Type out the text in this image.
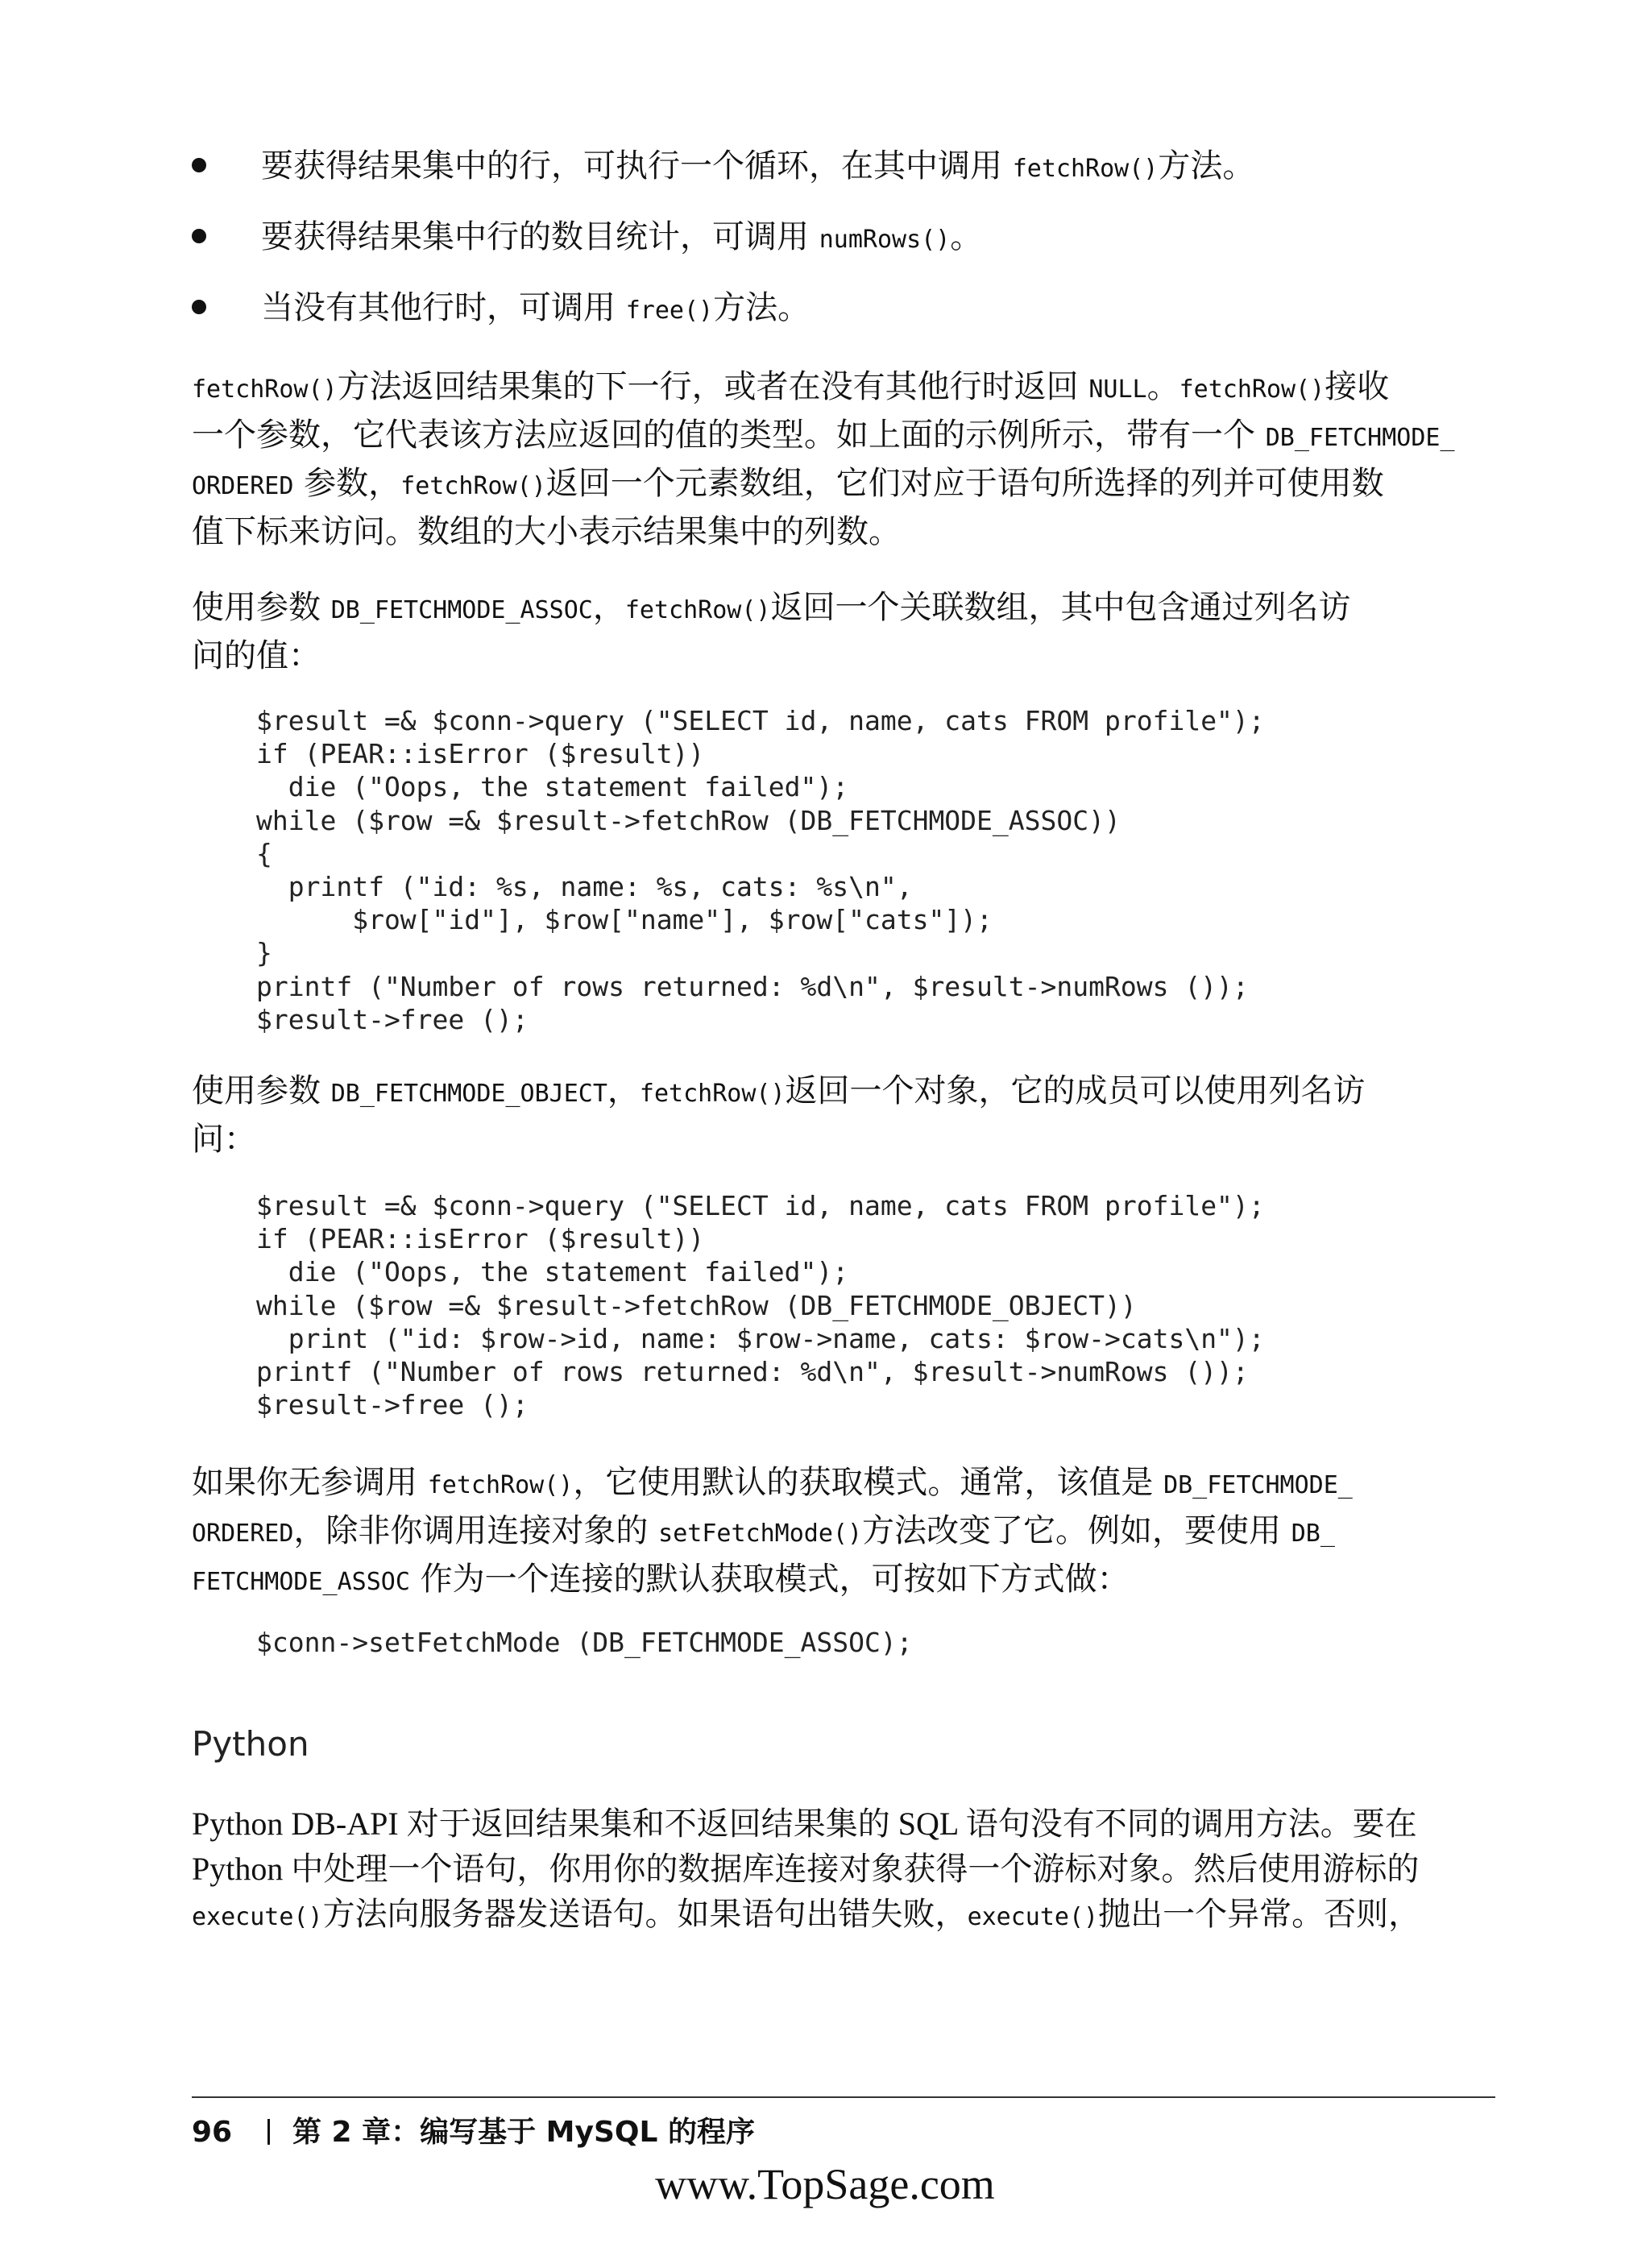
要获得结果集中的行，可执行一个循环，在其中调用 fetchRow()方法。
要获得结果集中行的数目统计，可调用 numRows()。
当没有其他行时，可调用 free()方法。

fetchRow()方法返回结果集的下一行，或者在没有其他行时返回 NULL。fetchRow()接收

一个参数，它代表该方法应返回的值的类型。如上面的示例所示，带有一个 DB_FETCHMODE_

ORDERED 参数，fetchRow()返回一个元素数组，它们对应于语句所选择的列并可使用数

值下标来访问。数组的大小表示结果集中的列数。

使用参数 DB_FETCHMODE_ASSOC，fetchRow()返回一个关联数组，其中包含通过列名访

问的值：

$result =& $conn->query ("SELECT id, name, cats FROM profile");
if (PEAR::isError ($result))
die ("Oops, the statement failed");
while ($row =& $result->fetchRow (DB_FETCHMODE_ASSOC))
{
printf ("id: %s, name: %s, cats: %s\n",
$row["id"], $row["name"], $row["cats"]);
}
printf ("Number of rows returned: %d\n", $result->numRows ());
$result->free ();

使用参数 DB_FETCHMODE_OBJECT，fetchRow()返回一个对象，它的成员可以使用列名访

问：

$result =& $conn->query ("SELECT id, name, cats FROM profile");
if (PEAR::isError ($result))
die ("Oops, the statement failed");
while ($row =& $result->fetchRow (DB_FETCHMODE_OBJECT))
print ("id: $row->id, name: $row->name, cats: $row->cats\n");
printf ("Number of rows returned: %d\n", $result->numRows ());
$result->free ();

如果你无参调用 fetchRow()，它使用默认的获取模式。通常，该值是 DB_FETCHMODE_

ORDERED，除非你调用连接对象的 setFetchMode()方法改变了它。例如，要使用 DB_

FETCHMODE_ASSOC 作为一个连接的默认获取模式，可按如下方式做：

$conn->setFetchMode (DB_FETCHMODE_ASSOC);
Python

Python DB-API 对于返回结果集和不返回结果集的 SQL 语句没有不同的调用方法。要在

Python 中处理一个语句，你用你的数据库连接对象获得一个游标对象。然后使用游标的

execute()方法向服务器发送语句。如果语句出错失败，execute()抛出一个异常。否则，

96 第 2 章：编写基于 MySQL 的程序
www.TopSage.com
